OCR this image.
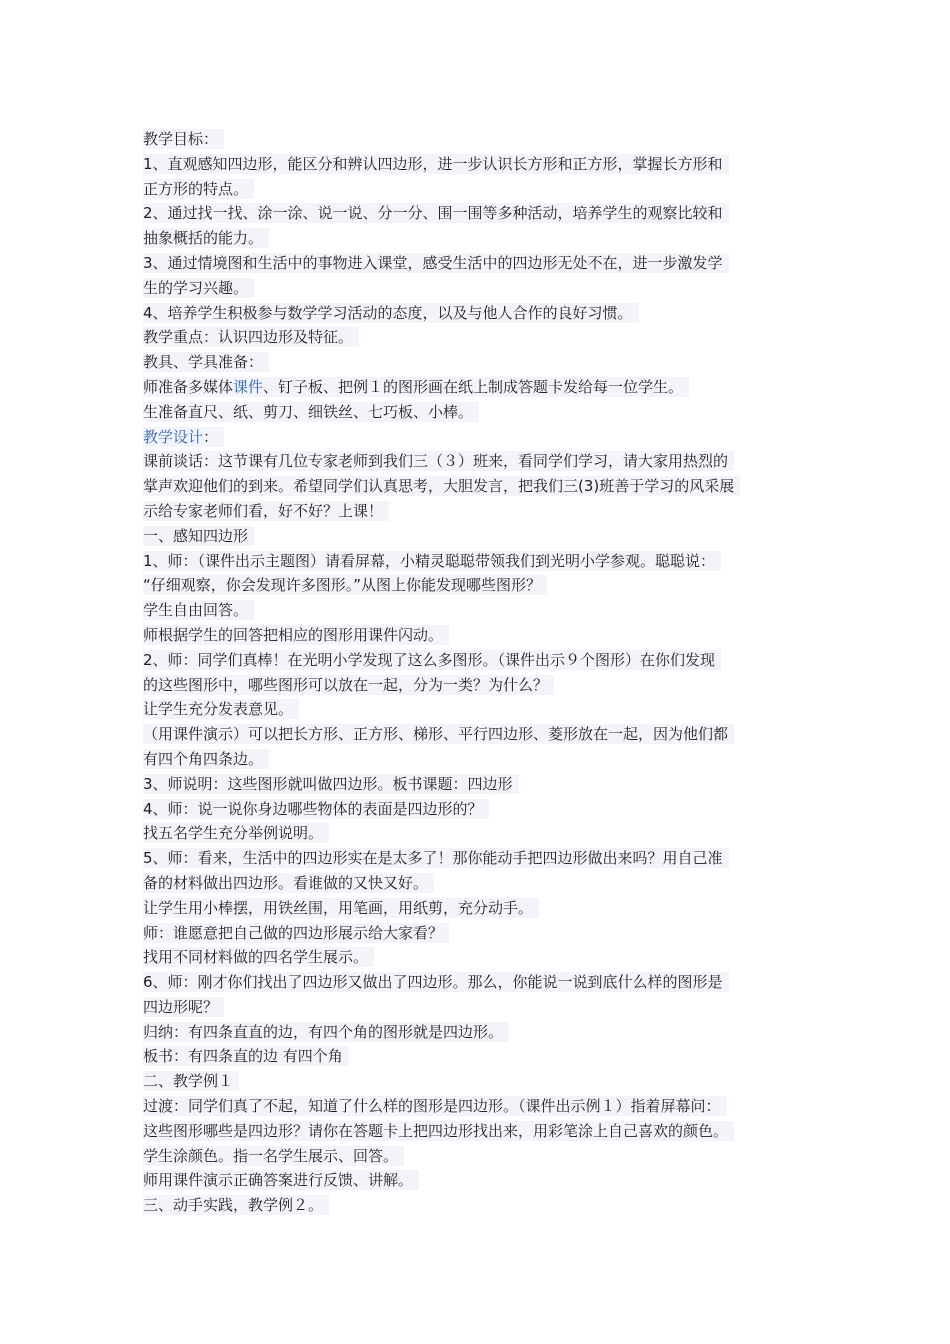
教学目标：
1、直观感知四边形，能区分和辨认四边形，进一步认识长方形和正方形，掌握长方形和
正方形的特点。
2、通过找一找、涂一涂、说一说、分一分、围一围等多种活动，培养学生的观察比较和
抽象概括的能力。
3、通过情境图和生活中的事物进入课堂，感受生活中的四边形无处不在，进一步激发学
生的学习兴趣。
4、培养学生积极参与数学学习活动的态度，以及与他人合作的良好习惯。
教学重点：认识四边形及特征。
教具、学具准备：
师准备多媒体课件、钉子板、把例１的图形画在纸上制成答题卡发给每一位学生。
生准备直尺、纸、剪刀、细铁丝、七巧板、小棒。
教学设计：
课前谈话：这节课有几位专家老师到我们三（３）班来，看同学们学习，请大家用热烈的
掌声欢迎他们的到来。希望同学们认真思考，大胆发言，把我们三(3)班善于学习的风采展
示给专家老师们看，好不好？上课！
一、感知四边形
1、师：（课件出示主题图）请看屏幕，小精灵聪聪带领我们到光明小学参观。聪聪说：
“仔细观察，你会发现许多图形。”从图上你能发现哪些图形？
学生自由回答。
师根据学生的回答把相应的图形用课件闪动。
2、师：同学们真棒！在光明小学发现了这么多图形。（课件出示９个图形）在你们发现
的这些图形中，哪些图形可以放在一起，分为一类？为什么？
让学生充分发表意见。
（用课件演示）可以把长方形、正方形、梯形、平行四边形、菱形放在一起，因为他们都
有四个角四条边。
3、师说明：这些图形就叫做四边形。板书课题：四边形
4、师：说一说你身边哪些物体的表面是四边形的？
找五名学生充分举例说明。
5、师：看来，生活中的四边形实在是太多了！那你能动手把四边形做出来吗？用自己准
备的材料做出四边形。看谁做的又快又好。
让学生用小棒摆，用铁丝围，用笔画，用纸剪，充分动手。
师：谁愿意把自己做的四边形展示给大家看？
找用不同材料做的四名学生展示。
6、师：刚才你们找出了四边形又做出了四边形。那么，你能说一说到底什么样的图形是
四边形呢？
归纳：有四条直直的边，有四个角的图形就是四边形。
板书：有四条直的边 有四个角
二、教学例１
过渡：同学们真了不起，知道了什么样的图形是四边形。（课件出示例１）指着屏幕问：
这些图形哪些是四边形？请你在答题卡上把四边形找出来，用彩笔涂上自己喜欢的颜色。
学生涂颜色。指一名学生展示、回答。
师用课件演示正确答案进行反馈、讲解。
三、动手实践，教学例２。
